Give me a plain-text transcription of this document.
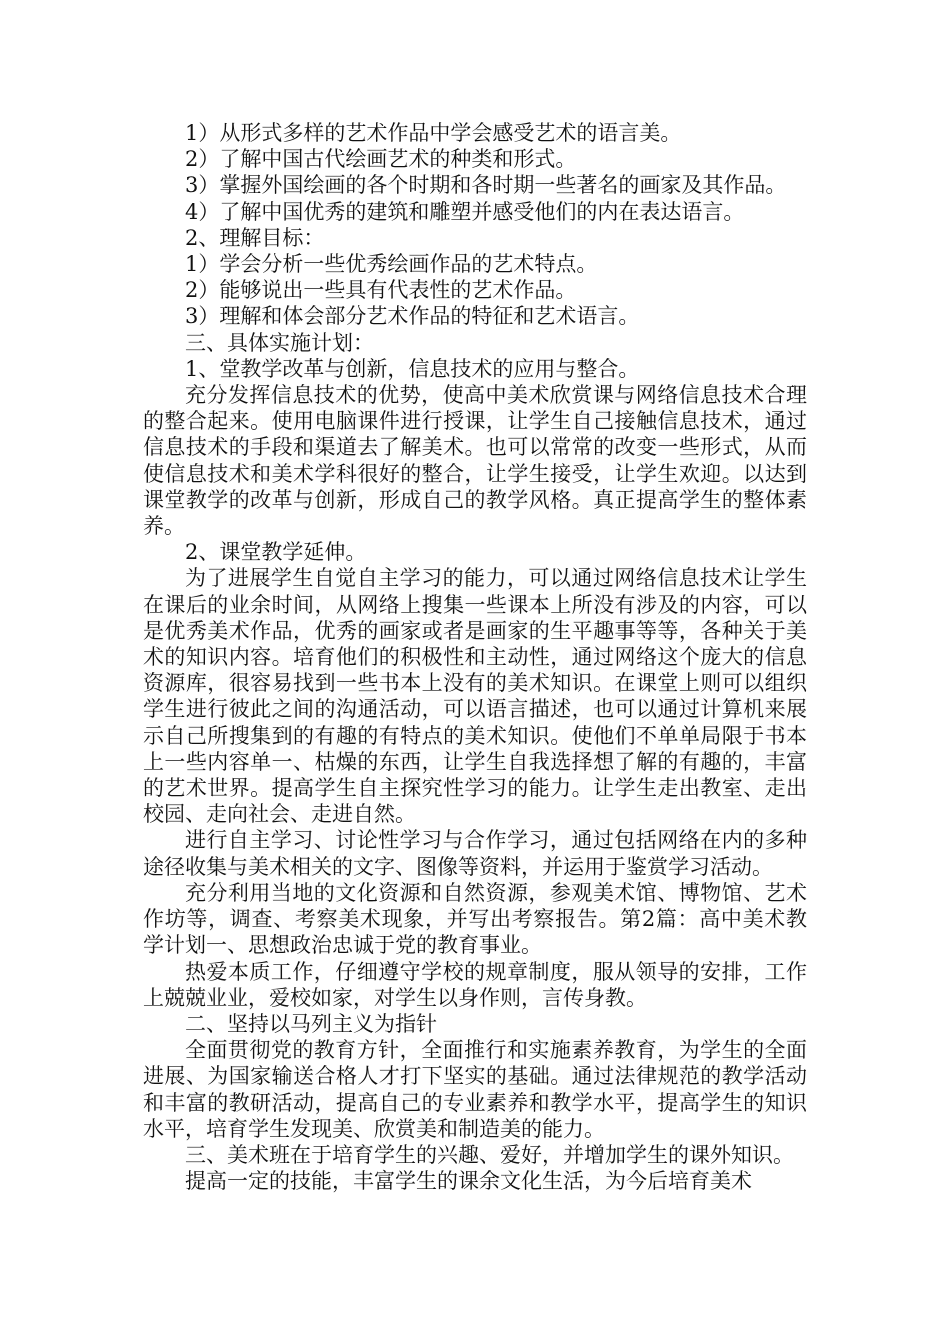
1）从形式多样的艺术作品中学会感受艺术的语言美。

2）了解中国古代绘画艺术的种类和形式。

3）掌握外国绘画的各个时期和各时期一些著名的画家及其作品。

4）了解中国优秀的建筑和雕塑并感受他们的内在表达语言。

2、理解目标：

1）学会分析一些优秀绘画作品的艺术特点。

2）能够说出一些具有代表性的艺术作品。

3）理解和体会部分艺术作品的特征和艺术语言。

三、具体实施计划：

1、堂教学改革与创新，信息技术的应用与整合。

充分发挥信息技术的优势，使高中美术欣赏课与网络信息技术合理的整合起来。使用电脑课件进行授课，让学生自己接触信息技术，通过信息技术的手段和渠道去了解美术。也可以常常的改变一些形式，从而使信息技术和美术学科很好的整合，让学生接受，让学生欢迎。以达到课堂教学的改革与创新，形成自己的教学风格。真正提高学生的整体素养。

2、课堂教学延伸。

为了进展学生自觉自主学习的能力，可以通过网络信息技术让学生在课后的业余时间，从网络上搜集一些课本上所没有涉及的内容，可以是优秀美术作品，优秀的画家或者是画家的生平趣事等等，各种关于美术的知识内容。培育他们的积极性和主动性，通过网络这个庞大的信息资源库，很容易找到一些书本上没有的美术知识。在课堂上则可以组织学生进行彼此之间的沟通活动，可以语言描述，也可以通过计算机来展示自己所搜集到的有趣的有特点的美术知识。使他们不单单局限于书本上一些内容单一、枯燥的东西，让学生自我选择想了解的有趣的，丰富的艺术世界。提高学生自主探究性学习的能力。让学生走出教室、走出校园、走向社会、走进自然。

进行自主学习、讨论性学习与合作学习，通过包括网络在内的多种途径收集与美术相关的文字、图像等资料，并运用于鉴赏学习活动。

充分利用当地的文化资源和自然资源，参观美术馆、博物馆、艺术作坊等，调查、考察美术现象，并写出考察报告。第2篇：高中美术教学计划一、思想政治忠诚于党的教育事业。

热爱本质工作，仔细遵守学校的规章制度，服从领导的安排，工作上兢兢业业，爱校如家，对学生以身作则，言传身教。

二、坚持以马列主义为指针

全面贯彻党的教育方针，全面推行和实施素养教育，为学生的全面进展、为国家输送合格人才打下坚实的基础。通过法律规范的教学活动和丰富的教研活动，提高自己的专业素养和教学水平，提高学生的知识水平，培育学生发现美、欣赏美和制造美的能力。

三、美术班在于培育学生的兴趣、爱好，并增加学生的课外知识。

提高一定的技能，丰富学生的课余文化生活，为今后培育美术
